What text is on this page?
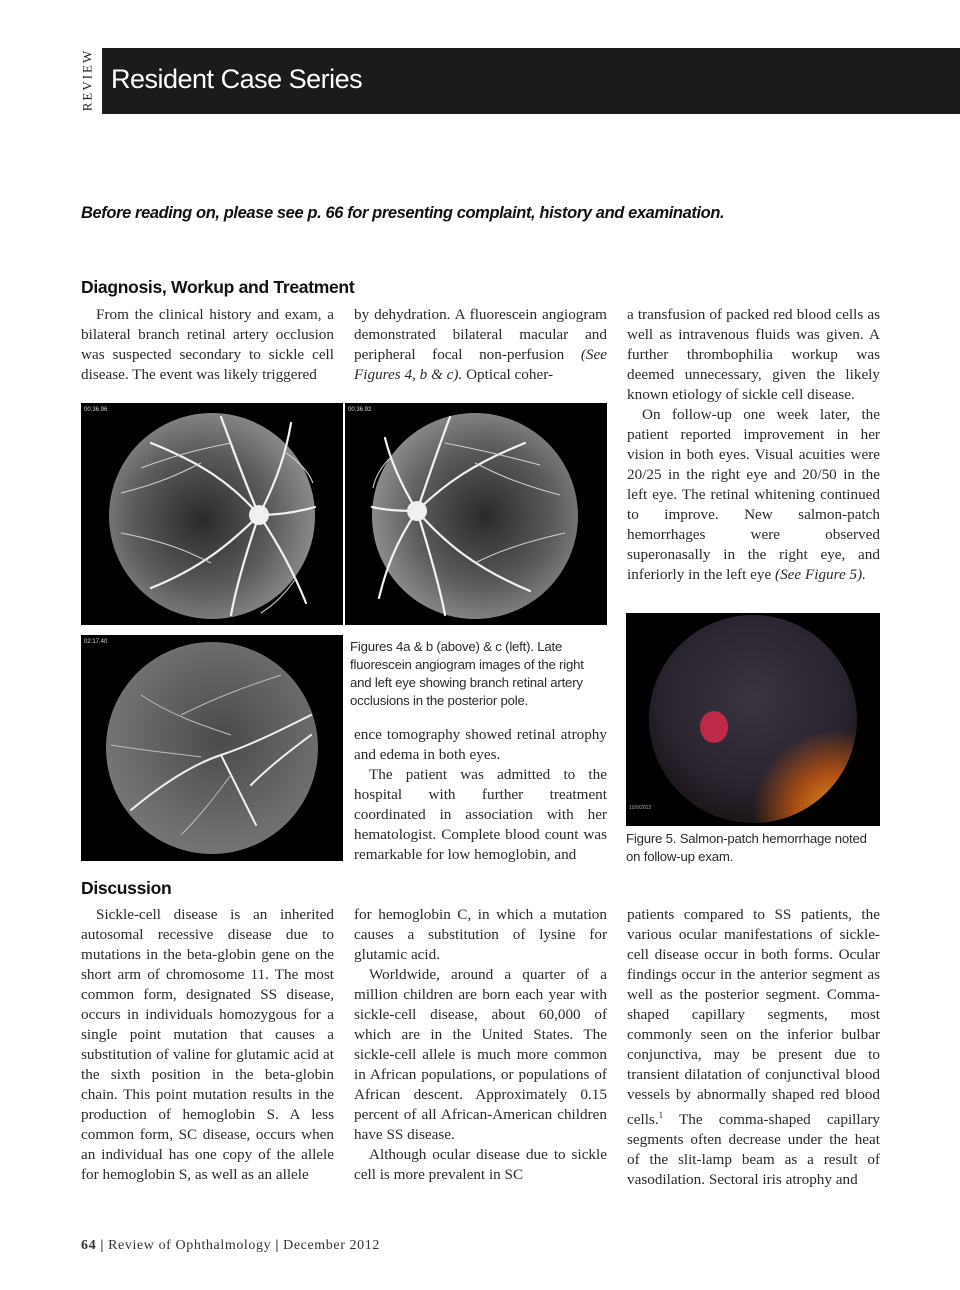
REVIEW Resident Case Series
Before reading on, please see p. 66 for presenting complaint, history and examination.
Diagnosis, Workup and Treatment

From the clinical history and exam, a bilateral branch retinal artery occlusion was suspected secondary to sickle cell disease. The event was likely triggered

by dehydration. A fluorescein angiogram demonstrated bilateral macular and peripheral focal non-perfusion (See Figures 4, b & c). Optical coher-

a transfusion of packed red blood cells as well as intravenous fluids was given. A further thrombophilia workup was deemed unnecessary, given the likely known etiology of sickle cell disease.

On follow-up one week later, the patient reported improvement in her vision in both eyes. Visual acuities were 20/25 in the right eye and 20/50 in the left eye. The retinal whitening continued to improve. New salmon-patch hemorrhages were observed superonasally in the right eye, and inferiorly in the left eye (See Figure 5).

00:36.96	00:36.92
02:17.40	Figures 4a & b (above) & c (left). Late fluorescein angiogram images of the right and left eye showing branch retinal artery occlusions in the posterior pole.

ence tomography showed retinal atrophy and edema in both eyes.

The patient was admitted to the hospital with further treatment coordinated in association with her hematologist. Complete blood count was remarkable for low hemoglobin, and

10/9/2012
Figure 5. Salmon-patch hemorrhage noted on follow-up exam.
Discussion

Sickle-cell disease is an inherited autosomal recessive disease due to mutations in the beta-globin gene on the short arm of chromosome 11. The most common form, designated SS disease, occurs in individuals homozygous for a single point mutation that causes a substitution of valine for glutamic acid at the sixth position in the beta-globin chain. This point mutation results in the production of hemoglobin S. A less common form, SC disease, occurs when an individual has one copy of the allele for hemoglobin S, as well as an allele

for hemoglobin C, in which a mutation causes a substitution of lysine for glutamic acid.

Worldwide, around a quarter of a million children are born each year with sickle-cell disease, about 60,000 of which are in the United States. The sickle-cell allele is much more common in African populations, or populations of African descent. Approximately 0.15 percent of all African-American children have SS disease.

Although ocular disease due to sickle cell is more prevalent in SC

patients compared to SS patients, the various ocular manifestations of sickle-cell disease occur in both forms. Ocular findings occur in the anterior segment as well as the posterior segment. Comma-shaped capillary segments, most commonly seen on the inferior bulbar conjunctiva, may be present due to transient dilatation of conjunctival blood vessels by abnormally shaped red blood cells.$^1$ The comma-shaped capillary segments often decrease under the heat of the slit-lamp beam as a result of vasodilation. Sectoral iris atrophy and

64 | Review of Ophthalmology | December 2012
